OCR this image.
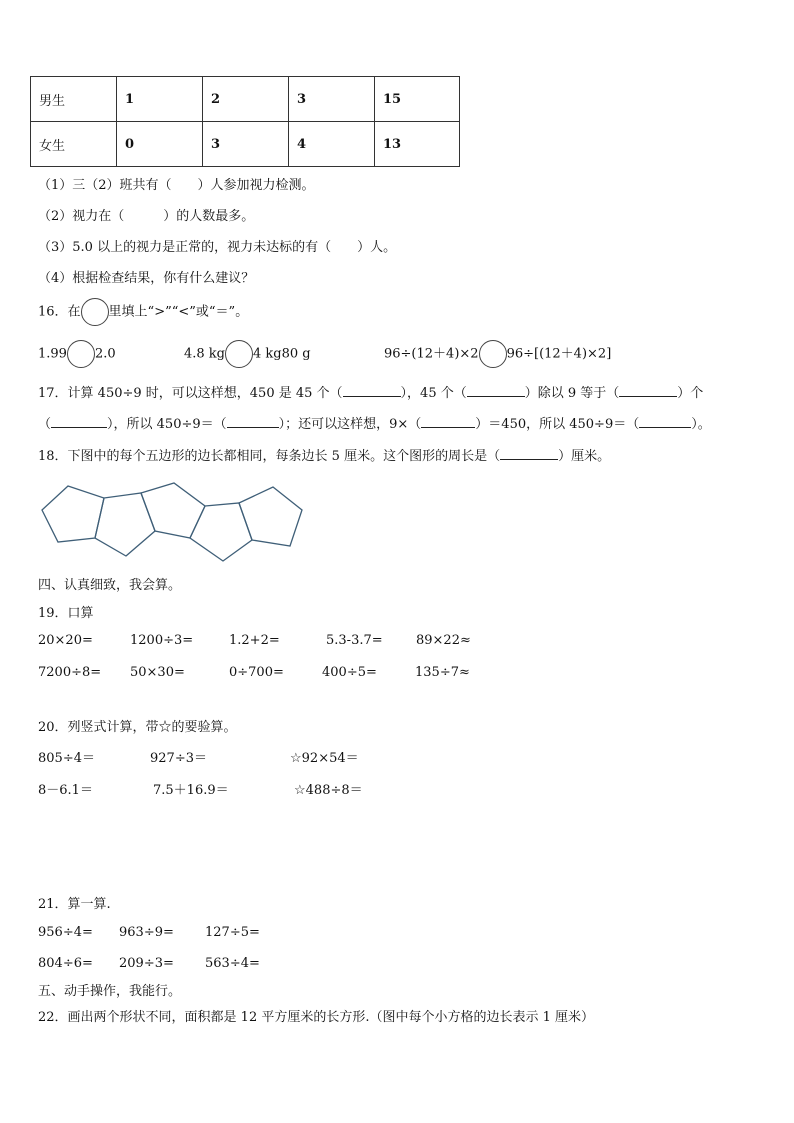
男生	1	2	3	15
女生	0	3	4	13
（1）三（2）班共有（　　）人参加视力检测。
（2）视力在（　　　）的人数最多。
（3）5.0 以上的视力是正常的，视力未达标的有（　　）人。
（4）根据检查结果，你有什么建议？
16．在 里填上“>”“<”或“＝”。
1.99 2.0	4.8 kg 4 kg80 g	96÷(12＋4)×2 96÷[(12＋4)×2]
17．计算 450÷9 时，可以这样想，450 是 45 个（	），45 个（	）除以 9 等于（	）个
（	），所以 450÷9＝（	）；还可以这样想，9×（	）＝450，所以 450÷9＝（	）。
18．下图中的每个五边形的边长都相同，每条边长 5 厘米。这个图形的周长是（	）厘米。
四、认真细致，我会算。
19．口算
20×20=	1200÷3=	1.2+2=	5.3-3.7=	89×22≈
7200÷8= 50×30=	0÷700=	400÷5=	135÷7≈
20．列竖式计算，带☆的要验算。
805÷4＝	927÷3＝	☆92×54＝
8－6.1＝	7.5＋16.9＝	☆488÷8＝
21．算一算.
956÷4= 963÷9= 127÷5=
804÷6= 209÷3= 563÷4=
五、动手操作，我能行。
22．画出两个形状不同，面积都是 12 平方厘米的长方形.（图中每个小方格的边长表示 1 厘米）
